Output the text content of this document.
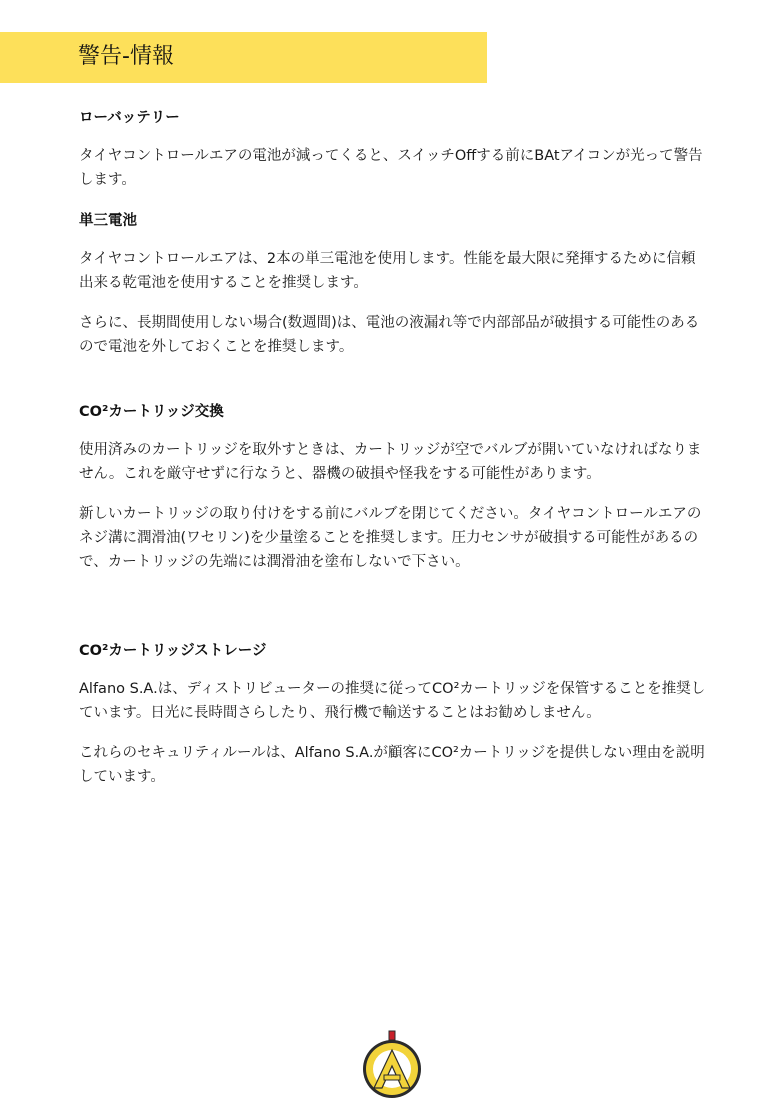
警告-情報
ローバッテリー

タイヤコントロールエアの電池が減ってくると、スイッチOffする前にBAtアイコンが光って警告します。

単三電池

タイヤコントロールエアは、2本の単三電池を使用します。性能を最大限に発揮するために信頼出来る乾電池を使用することを推奨します。

さらに、長期間使用しない場合(数週間)は、電池の液漏れ等で内部部品が破損する可能性のあるので電池を外しておくことを推奨します。

CO²カートリッジ交換

使用済みのカートリッジを取外すときは、カートリッジが空でバルブが開いていなければなりません。これを厳守せずに行なうと、器機の破損や怪我をする可能性があります。

新しいカートリッジの取り付けをする前にバルブを閉じてください。タイヤコントロールエアのネジ溝に潤滑油(ワセリン)を少量塗ることを推奨します。圧力センサが破損する可能性があるので、カートリッジの先端には潤滑油を塗布しないで下さい。

CO²カートリッジストレージ

Alfano S.A.は、ディストリビューターの推奨に従ってCO²カートリッジを保管することを推奨しています。日光に長時間さらしたり、飛行機で輸送することはお勧めしません。

これらのセキュリティルールは、Alfano S.A.が顧客にCO²カートリッジを提供しない理由を説明しています。
